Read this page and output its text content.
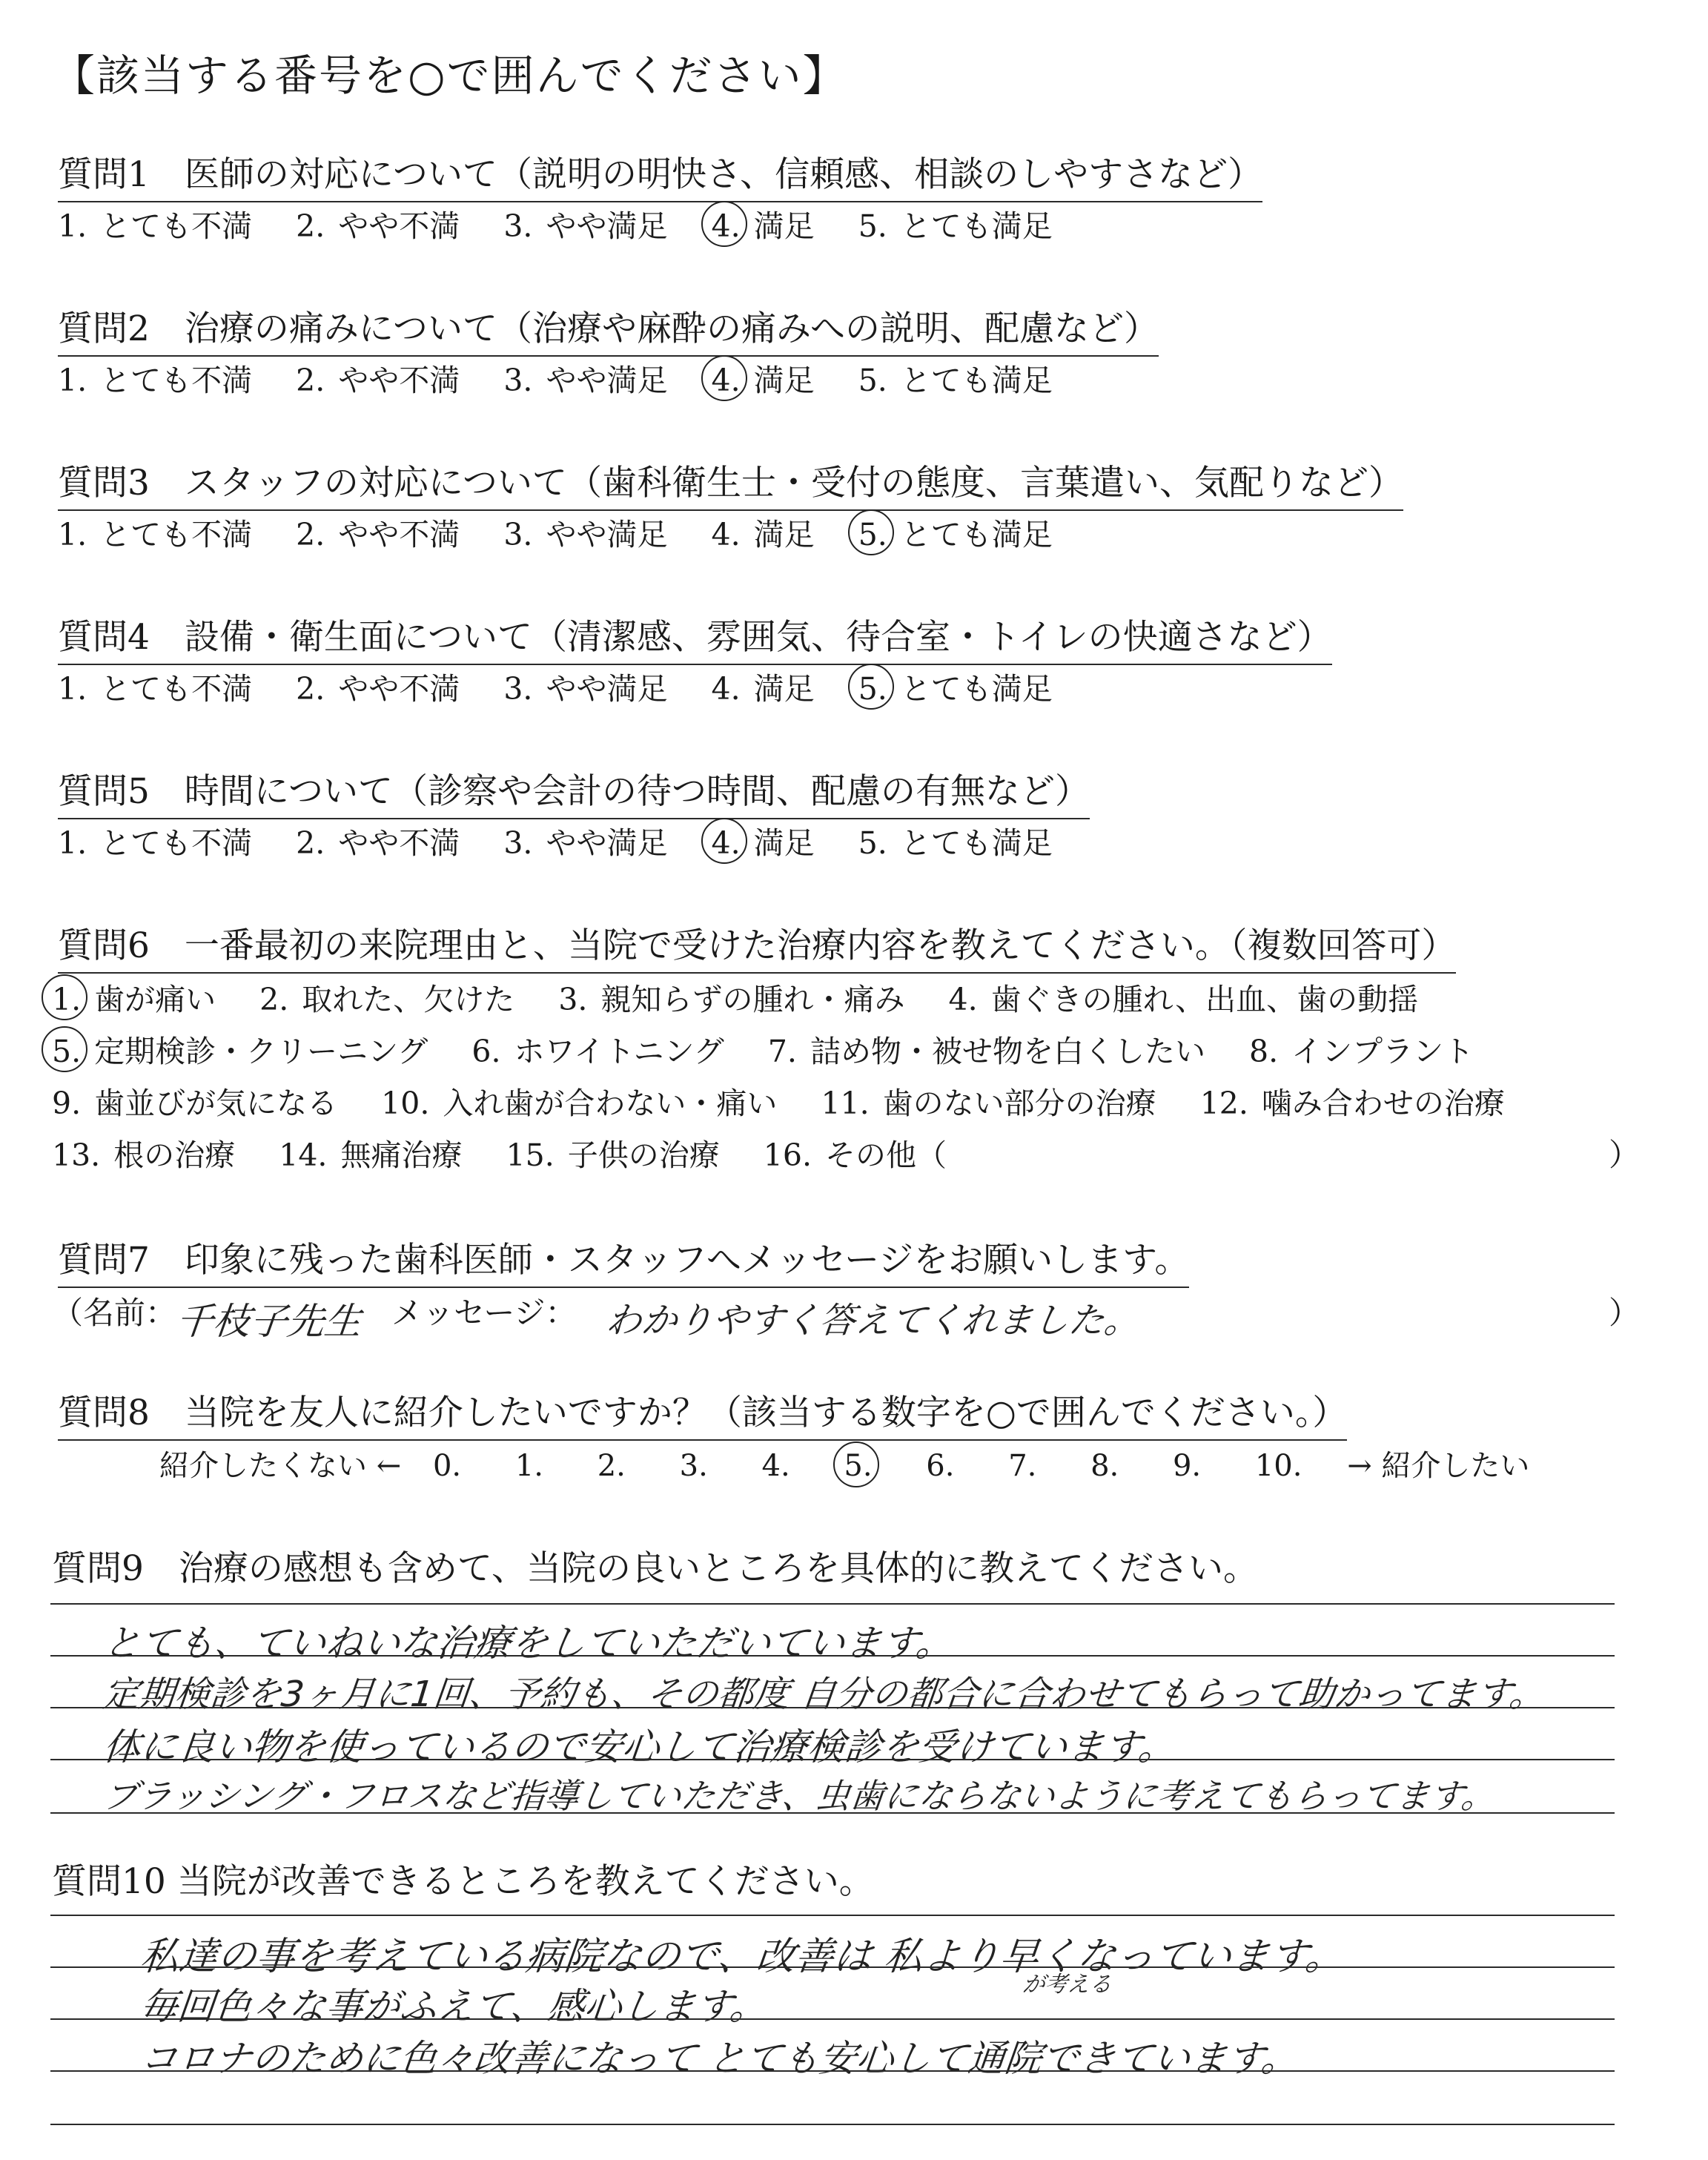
【該当する番号を○で囲んでください】
質問1　医師の対応について（説明の明快さ、信頼感、相談のしやすさなど）
1. とても不満 2. やや不満 3. やや満足 4. 満足 5. とても満足
質問2　治療の痛みについて（治療や麻酔の痛みへの説明、配慮など）
1. とても不満 2. やや不満 3. やや満足 4. 満足 5. とても満足
質問3　スタッフの対応について（歯科衛生士・受付の態度、言葉遣い、気配りなど）
1. とても不満 2. やや不満 3. やや満足 4. 満足 5. とても満足
質問4　設備・衛生面について（清潔感、雰囲気、待合室・トイレの快適さなど）
1. とても不満 2. やや不満 3. やや満足 4. 満足 5. とても満足
質問5　時間について（診察や会計の待つ時間、配慮の有無など）
1. とても不満 2. やや不満 3. やや満足 4. 満足 5. とても満足
質問6　一番最初の来院理由と、当院で受けた治療内容を教えてください。（複数回答可）
1. 歯が痛い 2. 取れた、欠けた 3. 親知らずの腫れ・痛み 4. 歯ぐきの腫れ、出血、歯の動揺
5. 定期検診・クリーニング 6. ホワイトニング 7. 詰め物・被せ物を白くしたい 8. インプラント
9. 歯並びが気になる 10. 入れ歯が合わない・痛い 11. 歯のない部分の治療 12. 噛み合わせの治療
13. 根の治療 14. 無痛治療 15. 子供の治療 16. その他（	）
質問7　印象に残った歯科医師・スタッフへメッセージをお願いします。
（名前：
千枝子先生 メッセージ： わかりやすく答えてくれました。	）
質問8　当院を友人に紹介したいですか？（該当する数字を○で囲んでください。）
紹介したくない ← 0. 1. 2. 3. 4. 5. 6. 7. 8. 9. 10. → 紹介したい
質問9　治療の感想も含めて、当院の良いところを具体的に教えてください。
とても、ていねいな治療をしていただいています。
定期検診を3ヶ月に1回、予約も、その都度 自分の都合に合わせてもらって助かってます。
体に良い物を使っているので安心して治療検診を受けています。
ブラッシング・フロスなど指導していただき、虫歯にならないように考えてもらってます。
質問10 当院が改善できるところを教えてください。
私達の事を考えている病院なので、改善は 私より早くなっています。
が考える
毎回色々な事がふえて、感心します。
コロナのために色々改善になって とても安心して通院できています。
